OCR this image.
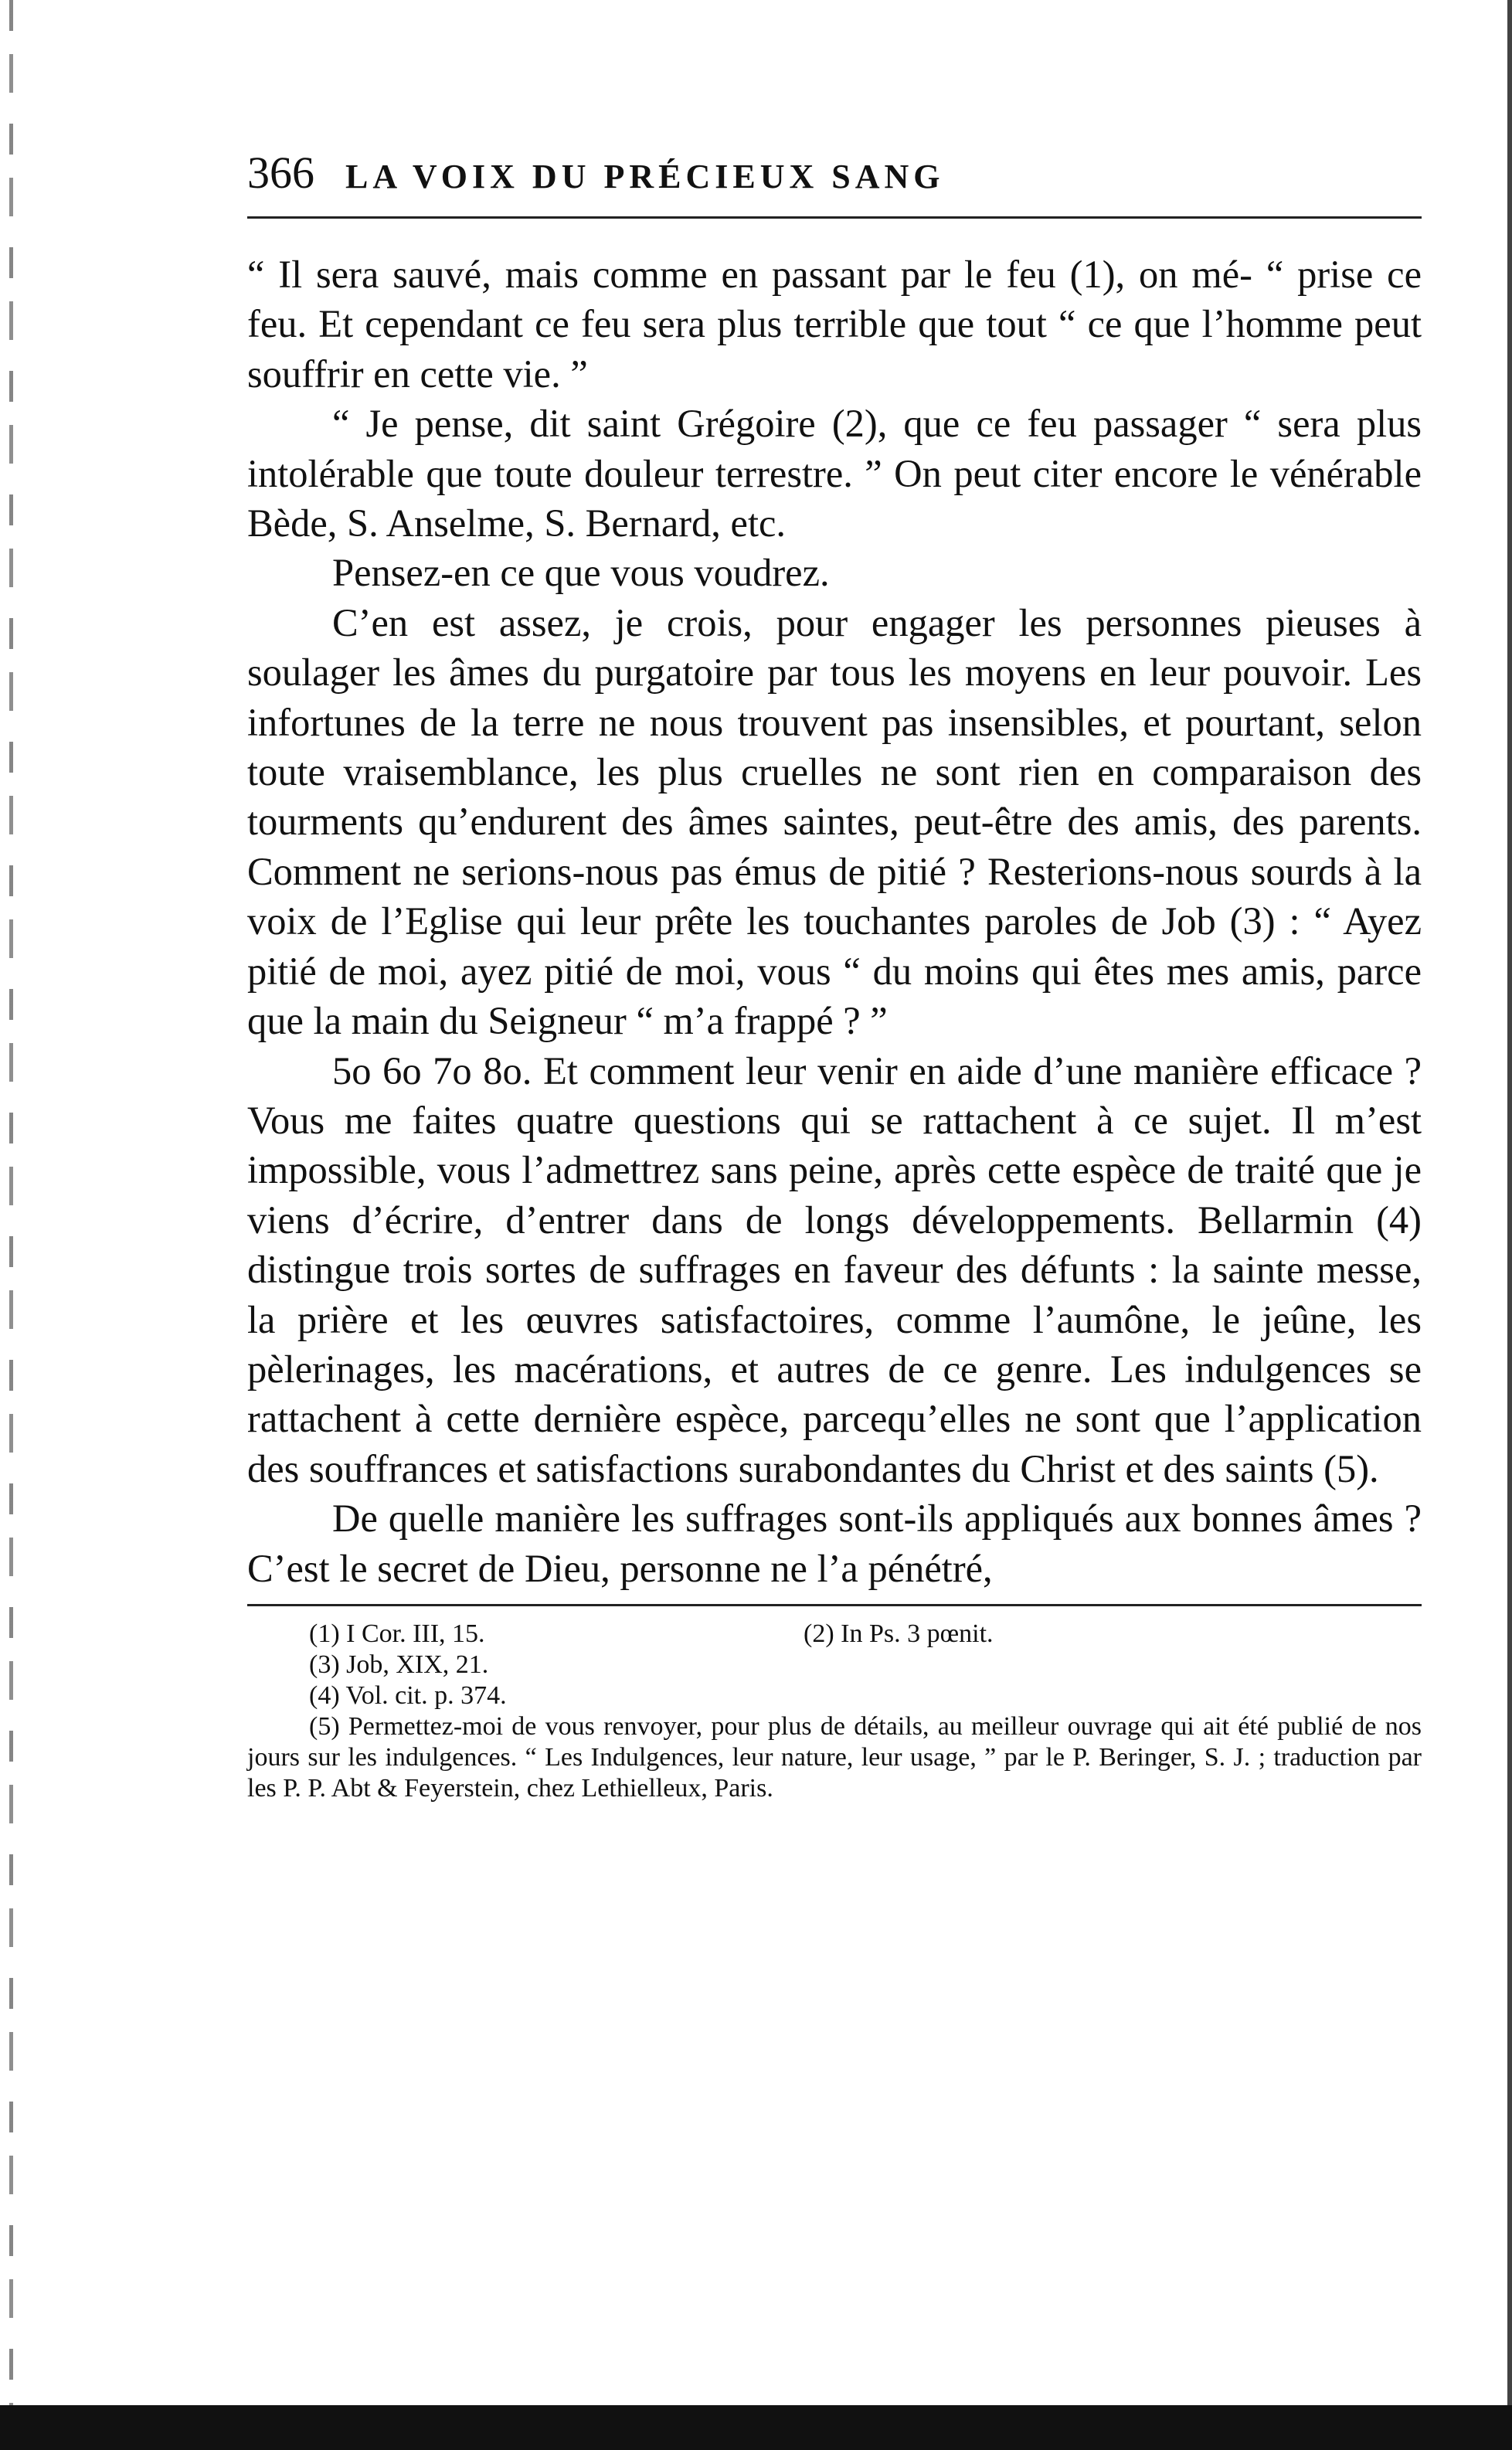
366 LA VOIX DU PRÉCIEUX SANG

“ Il sera sauvé, mais comme en passant par le feu (1), on mé- “ prise ce feu. Et cependant ce feu sera plus terrible que tout “ ce que l’homme peut souffrir en cette vie. ”

“ Je pense, dit saint Grégoire (2), que ce feu passager “ sera plus intolérable que toute douleur terrestre. ” On peut citer encore le vénérable Bède, S. Anselme, S. Bernard, etc.

Pensez-en ce que vous voudrez.

C’en est assez, je crois, pour engager les personnes pieuses à soulager les âmes du purgatoire par tous les moyens en leur pouvoir. Les infortunes de la terre ne nous trouvent pas insensibles, et pourtant, selon toute vraisemblance, les plus cruelles ne sont rien en comparaison des tourments qu’endurent des âmes saintes, peut-être des amis, des parents. Comment ne serions-nous pas émus de pitié ? Resterions-nous sourds à la voix de l’Eglise qui leur prête les touchantes paroles de Job (3) : “ Ayez pitié de moi, ayez pitié de moi, vous “ du moins qui êtes mes amis, parce que la main du Seigneur “ m’a frappé ? ”

5o 6o 7o 8o. Et comment leur venir en aide d’une manière efficace ? Vous me faites quatre questions qui se rattachent à ce sujet. Il m’est impossible, vous l’admettrez sans peine, après cette espèce de traité que je viens d’écrire, d’entrer dans de longs développements. Bellarmin (4) distingue trois sortes de suffrages en faveur des défunts : la sainte messe, la prière et les œuvres satisfactoires, comme l’aumône, le jeûne, les pèlerinages, les macérations, et autres de ce genre. Les indulgences se rattachent à cette dernière espèce, parcequ’elles ne sont que l’application des souffrances et satisfactions surabondantes du Christ et des saints (5).

De quelle manière les suffrages sont-ils appliqués aux bonnes âmes ? C’est le secret de Dieu, personne ne l’a pénétré,

(1) I Cor. III, 15.	(2) In Ps. 3 pœnit.

(3) Job, XIX, 21.

(4) Vol. cit. p. 374.

(5) Permettez-moi de vous renvoyer, pour plus de détails, au meilleur ouvrage qui ait été publié de nos jours sur les indulgences. “ Les Indulgences, leur nature, leur usage, ” par le P. Beringer, S. J. ; traduction par les P. P. Abt & Feyerstein, chez Lethielleux, Paris.
